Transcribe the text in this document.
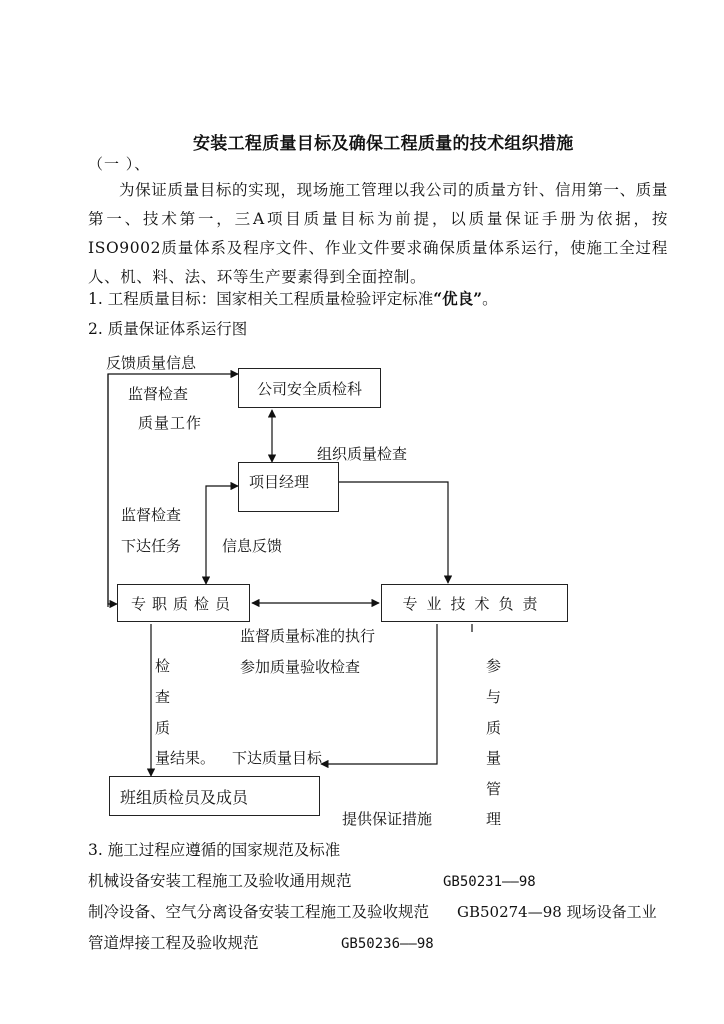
安装工程质量目标及确保工程质量的技术组织措施
（一 ）、
为保证质量目标的实现，现场施工管理以我公司的质量方针、信用第一、质量第一、技术第一，三A项目质量目标为前提，以质量保证手册为依据，按ISO9002质量体系及程序文件、作业文件要求确保质量体系运行，使施工全过程人、机、料、法、环等生产要素得到全面控制。
1. 工程质量目标：国家相关工程质量检验评定标准“优良”。
2. 质量保证体系运行图
公司安全质检科
项目经理
专职质检员	专业技术负责
班组质检员及成员
反馈质量信息
监督检查
质量工作
组织质量检查
监督检查
下达任务	信息反馈
监督质量标准的执行
参加质量验收检查
检
查
质
量结果。 下达质量目标
参
与
质
量
管
理
提供保证措施
3. 施工过程应遵循的国家规范及标准
机械设备安装工程施工及验收通用规范	GB50231——98
制冷设备、空气分离设备安装工程施工及验收规范 GB50274—98 现场设备工业
管道焊接工程及验收规范	GB50236——98
